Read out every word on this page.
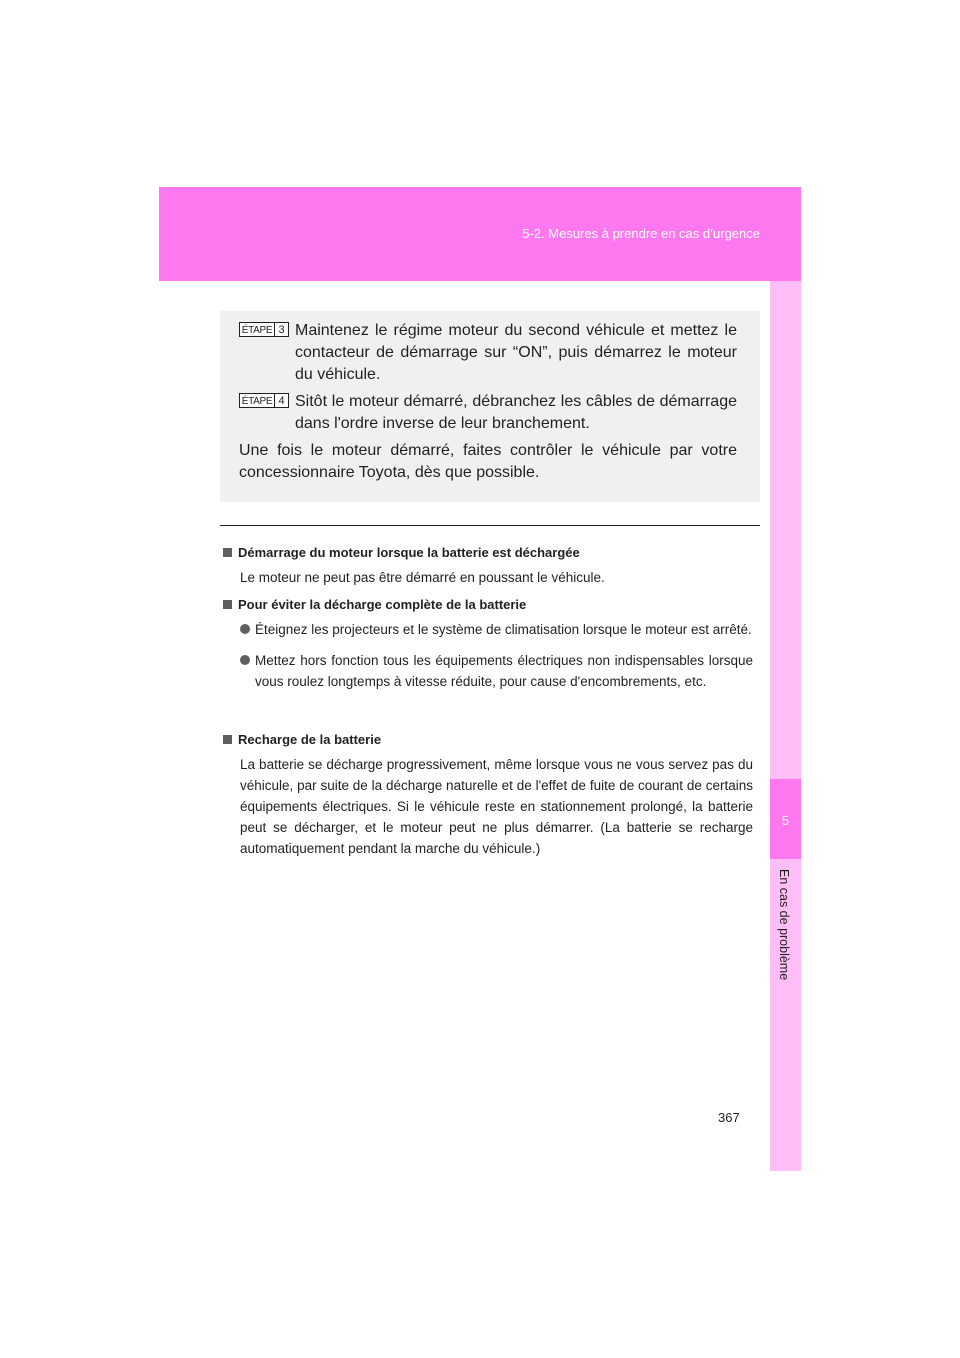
5-2. Mesures à prendre en cas d’urgence
5
En cas de problème
ÉTAPE 3 Maintenez le régime moteur du second véhicule et mettez le contacteur de démarrage sur “ON”, puis démarrez le moteur du véhicule.
ÉTAPE 4 Sitôt le moteur démarré, débranchez les câbles de démarrage dans l'ordre inverse de leur branchement.
Une fois le moteur démarré, faites contrôler le véhicule par votre concessionnaire Toyota, dès que possible.
Démarrage du moteur lorsque la batterie est déchargée
Le moteur ne peut pas être démarré en poussant le véhicule.
Pour éviter la décharge complète de la batterie
Éteignez les projecteurs et le système de climatisation lorsque le moteur est arrêté.
Mettez hors fonction tous les équipements électriques non indispensables lorsque vous roulez longtemps à vitesse réduite, pour cause d'encombrements, etc.
Recharge de la batterie
La batterie se décharge progressivement, même lorsque vous ne vous servez pas du véhicule, par suite de la décharge naturelle et de l'effet de fuite de courant de certains équipements électriques. Si le véhicule reste en stationnement prolongé, la batterie peut se décharger, et le moteur peut ne plus démarrer. (La batterie se recharge automatiquement pendant la marche du véhicule.)
367
